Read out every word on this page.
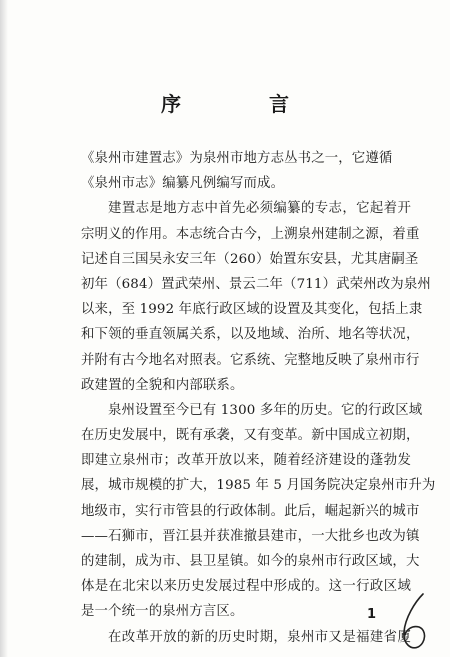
序　言
《泉州市建置志》为泉州市地方志丛书之一，它遵循
《泉州市志》编纂凡例编写而成。
建置志是地方志中首先必须编纂的专志，它起着开
宗明义的作用。本志统合古今，上溯泉州建制之源，着重
记述自三国吴永安三年（260）始置东安县，尤其唐嗣圣
初年（684）置武荣州、景云二年（711）武荣州改为泉州
以来，至 1992 年底行政区域的设置及其变化，包括上隶
和下领的垂直领属关系，以及地域、治所、地名等状况，
并附有古今地名对照表。它系统、完整地反映了泉州市行
政建置的全貌和内部联系。
泉州设置至今已有 1300 多年的历史。它的行政区域
在历史发展中，既有承袭，又有变革。新中国成立初期，
即建立泉州市；改革开放以来，随着经济建设的蓬勃发
展，城市规模的扩大，1985 年 5 月国务院决定泉州市升为
地级市，实行市管县的行政体制。此后，崛起新兴的城市
——石狮市，晋江县并获准撤县建市，一大批乡也改为镇
的建制，成为市、县卫星镇。如今的泉州市行政区域，大
体是在北宋以来历史发展过程中形成的。这一行政区域
是一个统一的泉州方言区。
在改革开放的新的历史时期，泉州市又是福建省厦
1
